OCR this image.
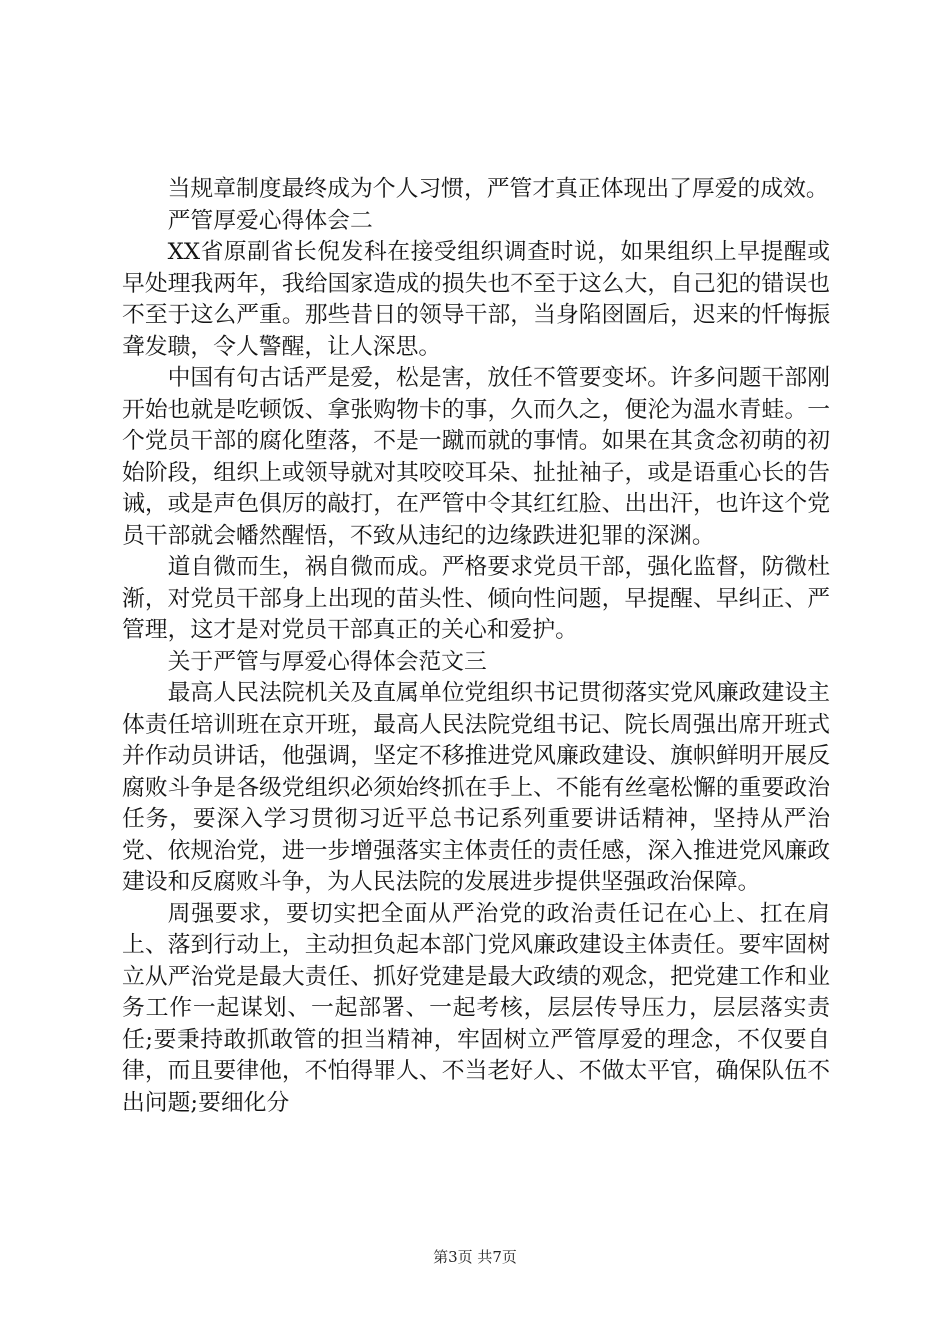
当规章制度最终成为个人习惯，严管才真正体现出了厚爱的成效。

严管厚爱心得体会二

XX省原副省长倪发科在接受组织调查时说，如果组织上早提醒或早处理我两年，我给国家造成的损失也不至于这么大，自己犯的错误也不至于这么严重。那些昔日的领导干部，当身陷囹圄后，迟来的忏悔振聋发聩，令人警醒，让人深思。

中国有句古话严是爱，松是害，放任不管要变坏。许多问题干部刚开始也就是吃顿饭、拿张购物卡的事，久而久之，便沦为温水青蛙。一个党员干部的腐化堕落，不是一蹴而就的事情。如果在其贪念初萌的初始阶段，组织上或领导就对其咬咬耳朵、扯扯袖子，或是语重心长的告诫，或是声色俱厉的敲打，在严管中令其红红脸、出出汗，也许这个党员干部就会幡然醒悟，不致从违纪的边缘跌进犯罪的深渊。

道自微而生，祸自微而成。严格要求党员干部，强化监督，防微杜渐，对党员干部身上出现的苗头性、倾向性问题，早提醒、早纠正、严管理，这才是对党员干部真正的关心和爱护。

关于严管与厚爱心得体会范文三

最高人民法院机关及直属单位党组织书记贯彻落实党风廉政建设主体责任培训班在京开班，最高人民法院党组书记、院长周强出席开班式并作动员讲话，他强调，坚定不移推进党风廉政建设、旗帜鲜明开展反腐败斗争是各级党组织必须始终抓在手上、不能有丝毫松懈的重要政治任务，要深入学习贯彻习近平总书记系列重要讲话精神，坚持从严治党、依规治党，进一步增强落实主体责任的责任感，深入推进党风廉政建设和反腐败斗争，为人民法院的发展进步提供坚强政治保障。

周强要求，要切实把全面从严治党的政治责任记在心上、扛在肩上、落到行动上，主动担负起本部门党风廉政建设主体责任。要牢固树立从严治党是最大责任、抓好党建是最大政绩的观念，把党建工作和业务工作一起谋划、一起部署、一起考核，层层传导压力，层层落实责任;要秉持敢抓敢管的担当精神，牢固树立严管厚爱的理念，不仅要自律，而且要律他，不怕得罪人、不当老好人、不做太平官，确保队伍不出问题;要细化分

第3页 共7页
